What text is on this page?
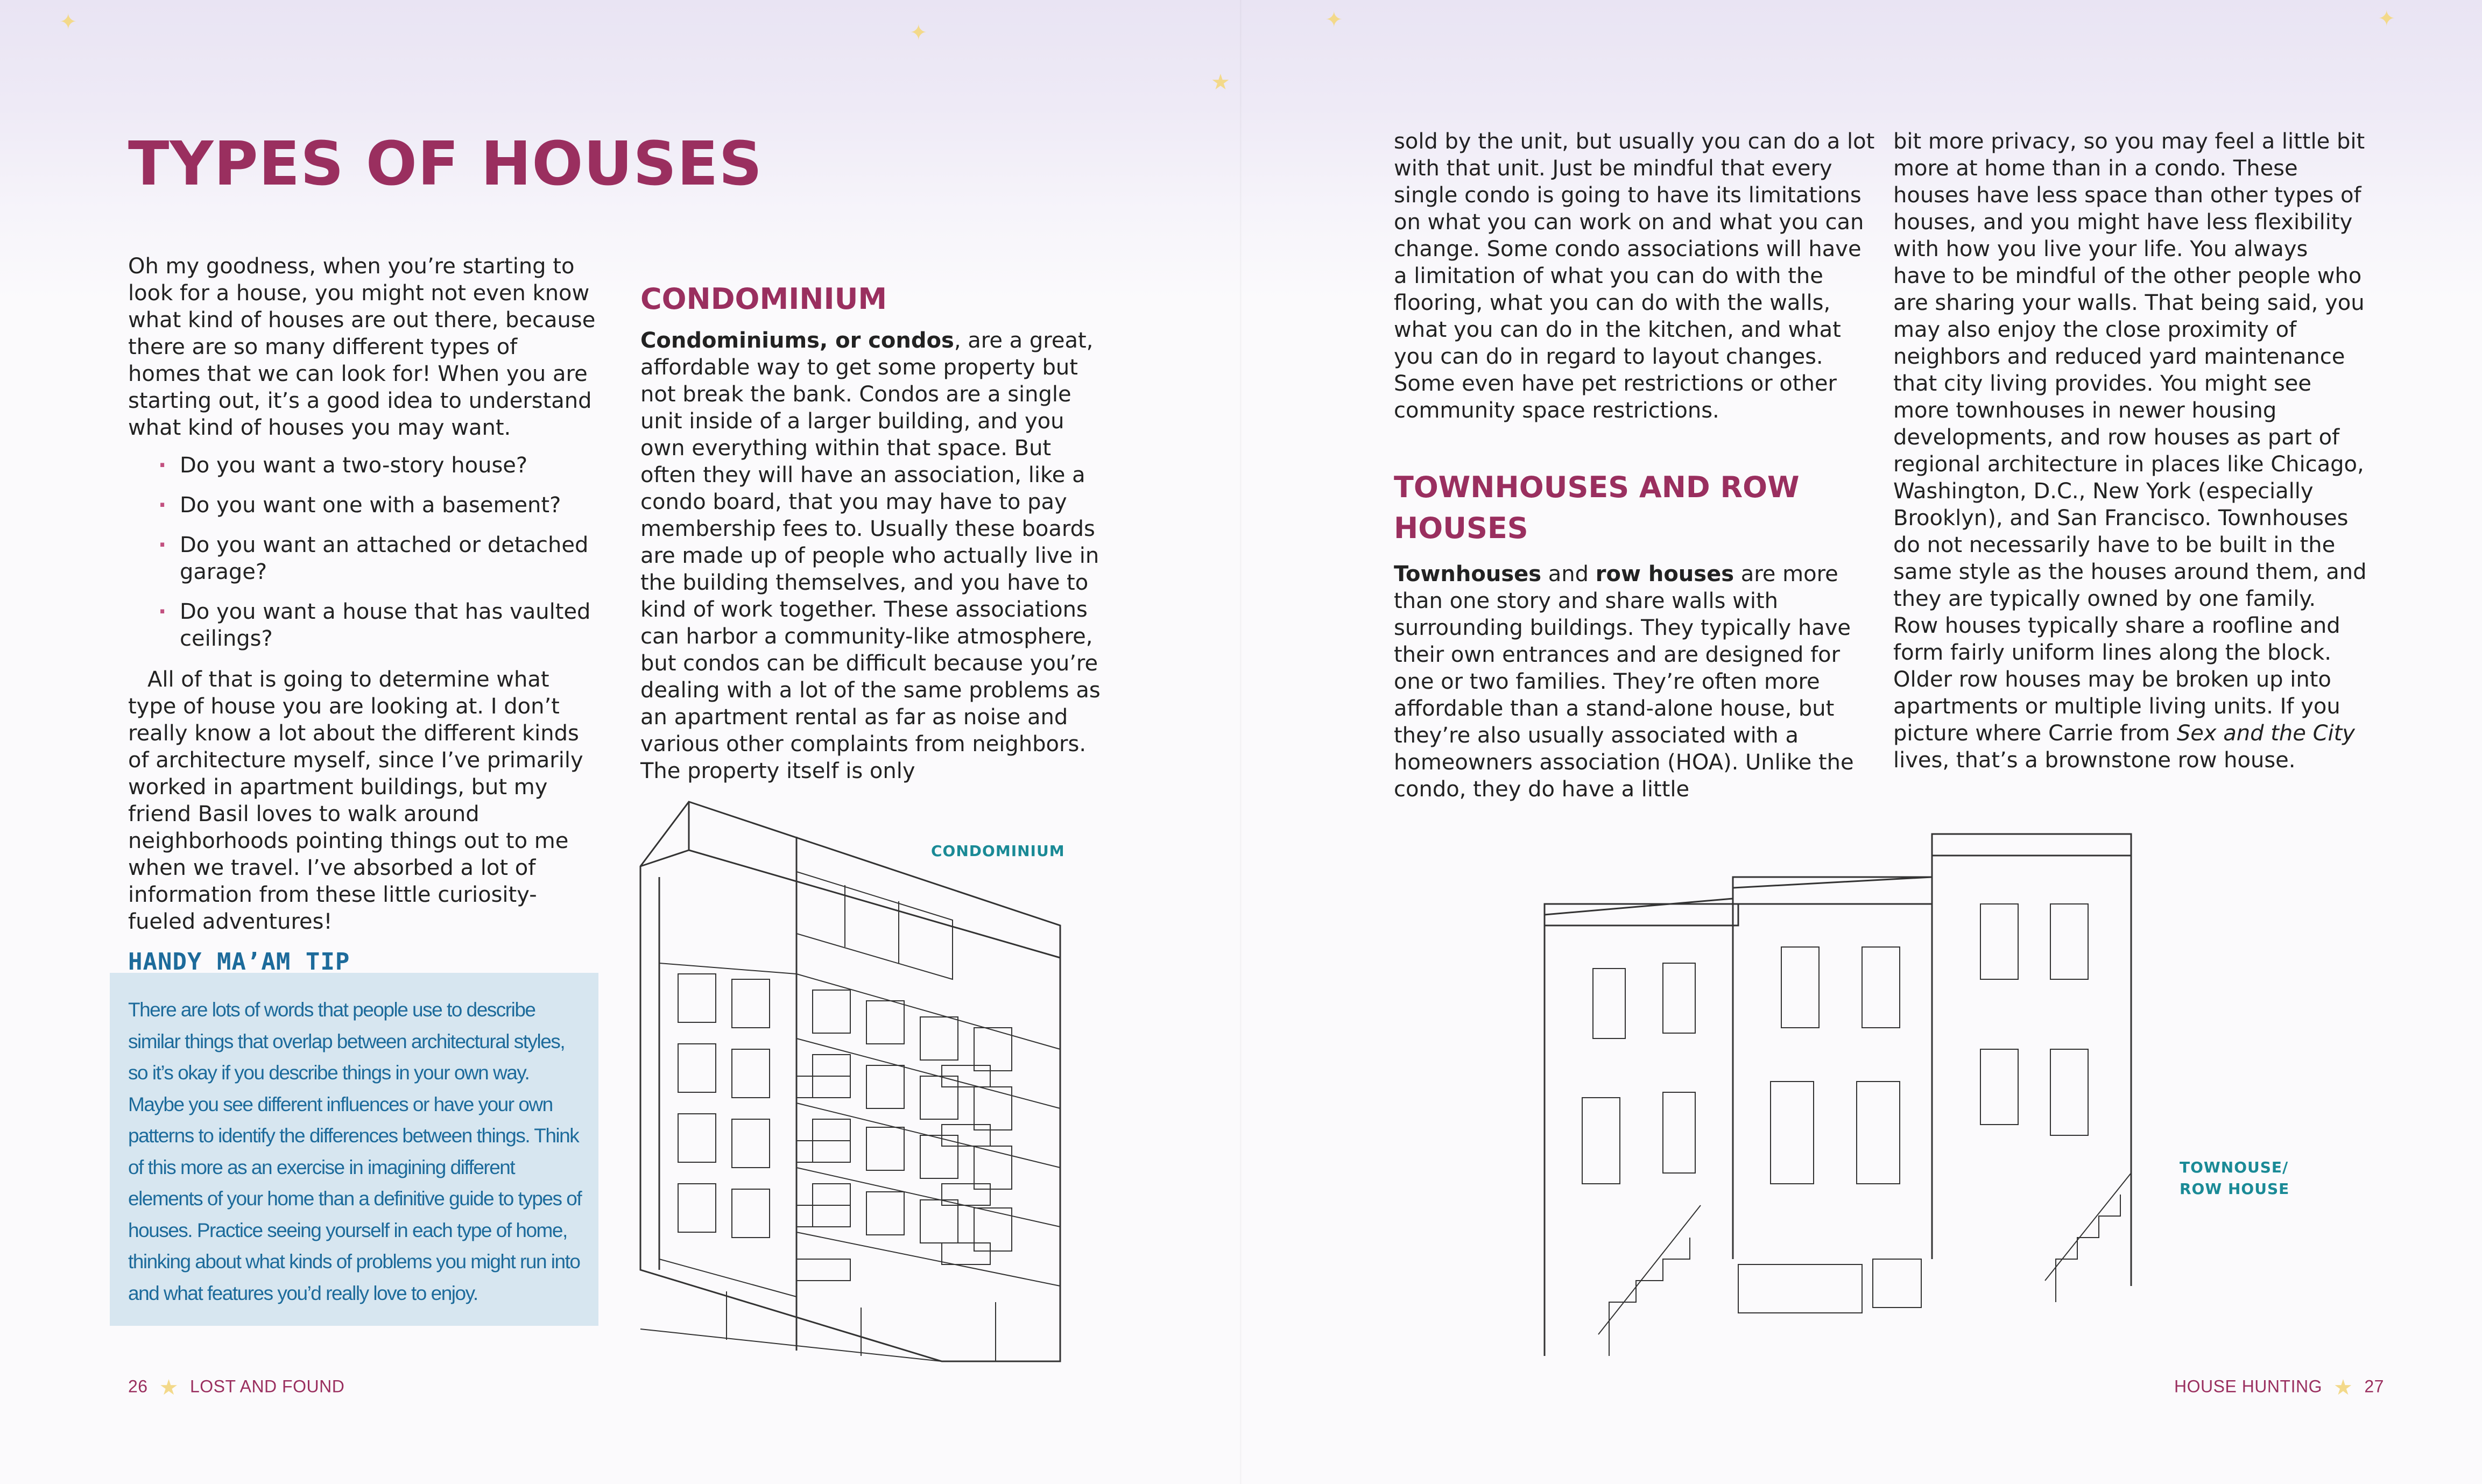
✦	✦
★
✦	✦
TYPES OF HOUSES

Oh my goodness, when you’re starting to look for a house, you might not even know what kind of houses are out there, because there are so many different types of homes that we can look for! When you are starting out, it’s a good idea to understand what kind of houses you may want.

· Do you want a two-story house?
· Do you want one with a basement?
· Do you want an attached or detached garage?
· Do you want a house that has vaulted ceilings?
All of that is going to determine what type of house you are looking at. I don’t really know a lot about the different kinds of architecture myself, since I’ve primarily worked in apartment buildings, but my friend Basil loves to walk around neighborhoods pointing things out to me when we travel. I’ve absorbed a lot of information from these little curiosity-fueled adventures!
HANDY MA’AM TIP
There are lots of words that people use to describe similar things that overlap between architectural styles, so it’s okay if you describe things in your own way. Maybe you see different influences or have your own patterns to identify the differences between things. Think of this more as an exercise in imagining different elements of your home than a definitive guide to types of houses. Practice seeing yourself in each type of home, thinking about what kinds of problems you might run into and what features you’d really love to enjoy.
CONDOMINIUM
Condominiums, or condos, are a great, affordable way to get some property but not break the bank. Condos are a single unit inside of a larger building, and you own everything within that space. But often they will have an association, like a condo board, that you may have to pay membership fees to. Usually these boards are made up of people who actually live in the building themselves, and you have to kind of work together. These associations can harbor a community-like atmosphere, but condos can be difficult because you’re dealing with a lot of the same problems as an apartment rental as far as noise and various other complaints from neighbors. The property itself is only
CONDOMINIUM
26  ★  LOST AND FOUND
sold by the unit, but usually you can do a lot with that unit. Just be mindful that every single condo is going to have its limitations on what you can work on and what you can change. Some condo associations will have a limitation of what you can do with the flooring, what you can do with the walls, what you can do in the kitchen, and what you can do in regard to layout changes. Some even have pet restrictions or other community space restrictions.
TOWNHOUSES AND ROW HOUSES
Townhouses and row houses are more than one story and share walls with surrounding buildings. They typically have their own entrances and are designed for one or two families. They’re often more affordable than a stand-alone house, but they’re also usually associated with a homeowners association (HOA). Unlike the condo, they do have a little
bit more privacy, so you may feel a little bit more at home than in a condo. These houses have less space than other types of houses, and you might have less flexibility with how you live your life. You always have to be mindful of the other people who are sharing your walls. That being said, you may also enjoy the close proximity of neighbors and reduced yard maintenance that city living provides. You might see more townhouses in newer housing developments, and row houses as part of regional architecture in places like Chicago, Washington, D.C., New York (especially Brooklyn), and San Francisco. Townhouses do not necessarily have to be built in the same style as the houses around them, and they are typically owned by one family. Row houses typically share a roofline and form fairly uniform lines along the block. Older row houses may be broken up into apartments or multiple living units. If you picture where Carrie from Sex and the City lives, that’s a brownstone row house.
TOWNOUSE/
ROW HOUSE
HOUSE HUNTING  ★  27
